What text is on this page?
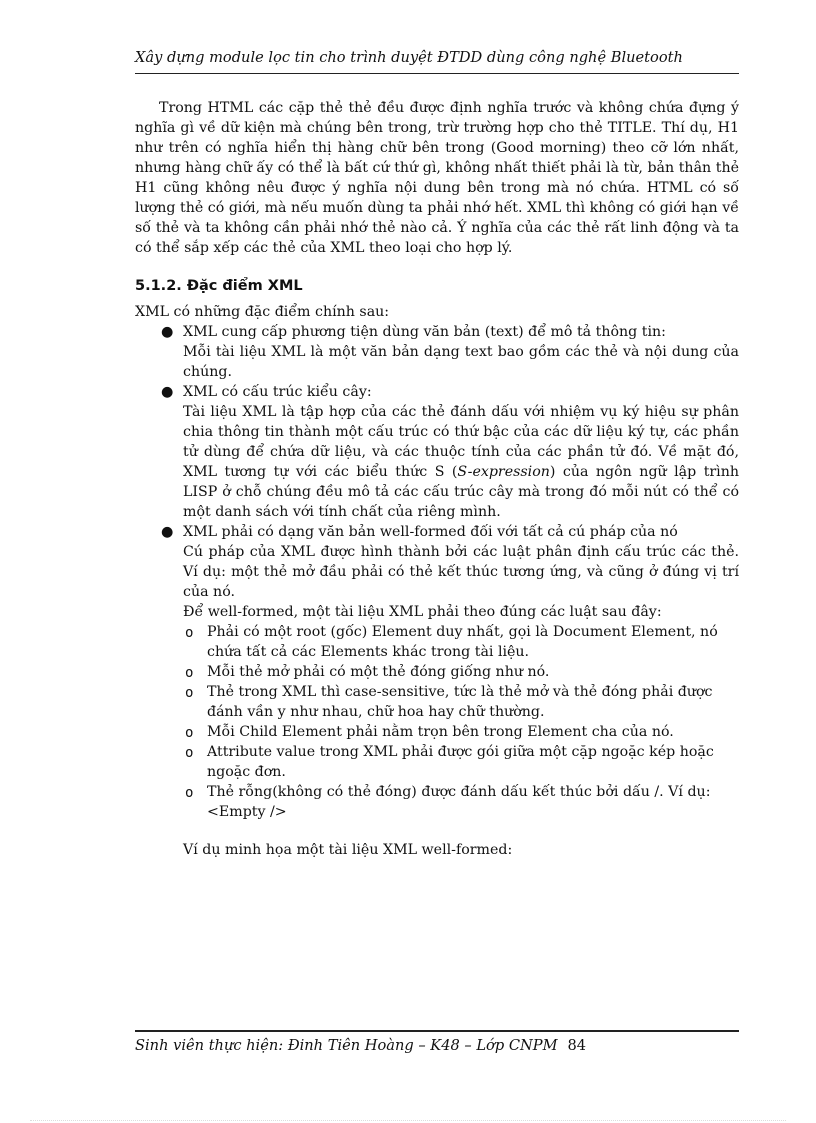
Xây dựng module lọc tin cho trình duyệt ĐTDD dùng công nghệ Bluetooth

Trong HTML các cặp thẻ thẻ đều được định nghĩa trước và không chứa đựng ý nghĩa gì về dữ kiện mà chúng bên trong, trừ trường hợp cho thẻ TITLE. Thí dụ, H1 như trên có nghĩa hiển thị hàng chữ bên trong (Good morning) theo cỡ lớn nhất, nhưng hàng chữ ấy có thể là bất cứ thứ gì, không nhất thiết phải là từ, bản thân thẻ H1 cũng không nêu được ý nghĩa nội dung bên trong mà nó chứa. HTML có số lượng thẻ có giới, mà nếu muốn dùng ta phải nhớ hết. XML thì không có giới hạn về số thẻ và ta không cần phải nhớ thẻ nào cả. Ý nghĩa của các thẻ rất linh động và ta có thể sắp xếp các thẻ của XML theo loại cho hợp lý.

5.1.2. Đặc điểm XML

XML có những đặc điểm chính sau:

● XML cung cấp phương tiện dùng văn bản (text) để mô tả thông tin:

Mỗi tài liệu XML là một văn bản dạng text bao gồm các thẻ và nội dung của chúng.

● XML có cấu trúc kiểu cây:

Tài liệu XML là tập hợp của các thẻ đánh dấu với nhiệm vụ ký hiệu sự phân chia thông tin thành một cấu trúc có thứ bậc của các dữ liệu ký tự, các phần tử dùng để chứa dữ liệu, và các thuộc tính của các phần tử đó. Về mặt đó, XML tương tự với các biểu thức S (S-expression) của ngôn ngữ lập trình LISP ở chỗ chúng đều mô tả các cấu trúc cây mà trong đó mỗi nút có thể có một danh sách với tính chất của riêng mình.

● XML phải có dạng văn bản well-formed đối với tất cả cú pháp của nó

Cú pháp của XML được hình thành bởi các luật phân định cấu trúc các thẻ. Ví dụ: một thẻ mở đầu phải có thẻ kết thúc tương ứng, và cũng ở đúng vị trí của nó.

Để well-formed, một tài liệu XML phải theo đúng các luật sau đây:
o Phải có một root (gốc) Element duy nhất, gọi là Document Element, nó chứa tất cả các Elements khác trong tài liệu.
o Mỗi thẻ mở phải có một thẻ đóng giống như nó.
o Thẻ trong XML thì case-sensitive, tức là thẻ mở và thẻ đóng phải được đánh vần y như nhau, chữ hoa hay chữ thường.
o Mỗi Child Element phải nằm trọn bên trong Element cha của nó.
o Attribute value trong XML phải được gói giữa một cặp ngoặc kép hoặc ngoặc đơn.
o Thẻ rỗng(không có thẻ đóng) được đánh dấu kết thúc bởi dấu /. Ví dụ: <Empty />
Ví dụ minh họa một tài liệu XML well-formed:
Sinh viên thực hiện: Đinh Tiên Hoàng – K48 – Lớp CNPM 84
